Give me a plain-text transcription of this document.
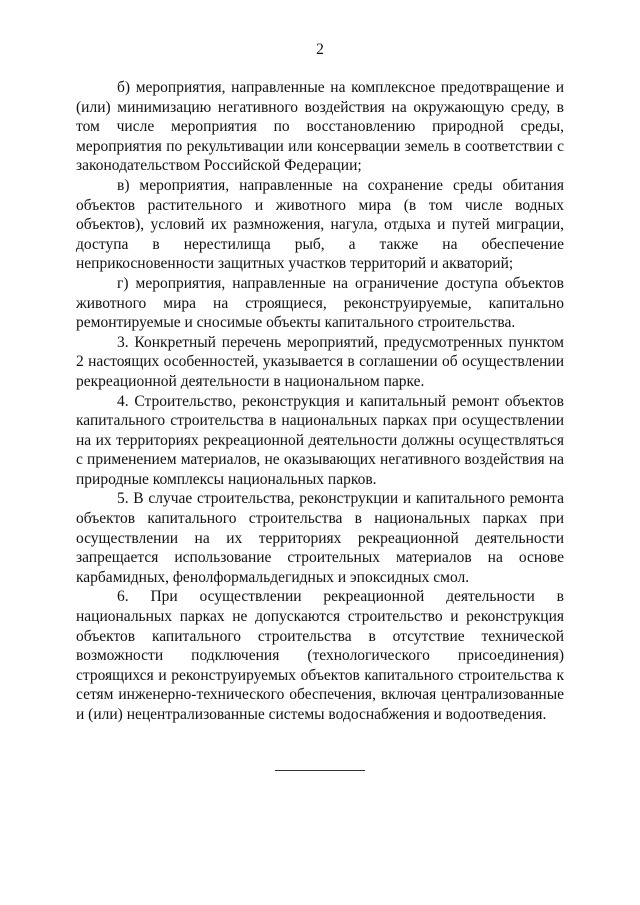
2

б) мероприятия, направленные на комплексное предотвращение и (или) минимизацию негативного воздействия на окружающую среду, в том числе мероприятия по восстановлению природной среды, мероприятия по рекультивации или консервации земель в соответствии с законодательством Российской Федерации;

в) мероприятия, направленные на сохранение среды обитания объектов растительного и животного мира (в том числе водных объектов), условий их размножения, нагула, отдыха и путей миграции, доступа в нерестилища рыб, а также на обеспечение неприкосновенности защитных участков территорий и акваторий;

г) мероприятия, направленные на ограничение доступа объектов животного мира на строящиеся, реконструируемые, капитально ремонтируемые и сносимые объекты капитального строительства.

3. Конкретный перечень мероприятий, предусмотренных пунктом 2 настоящих особенностей, указывается в соглашении об осуществлении рекреационной деятельности в национальном парке.

4. Строительство, реконструкция и капитальный ремонт объектов капитального строительства в национальных парках при осуществлении на их территориях рекреационной деятельности должны осуществляться с применением материалов, не оказывающих негативного воздействия на природные комплексы национальных парков.

5. В случае строительства, реконструкции и капитального ремонта объектов капитального строительства в национальных парках при осуществлении на их территориях рекреационной деятельности запрещается использование строительных материалов на основе карбамидных, фенолформальдегидных и эпоксидных смол.

6. При осуществлении рекреационной деятельности в национальных парках не допускаются строительство и реконструкция объектов капитального строительства в отсутствие технической возможности подключения (технологического присоединения) строящихся и реконструируемых объектов капитального строительства к сетям инженерно-технического обеспечения, включая централизованные и (или) нецентрализованные системы водоснабжения и водоотведения.
